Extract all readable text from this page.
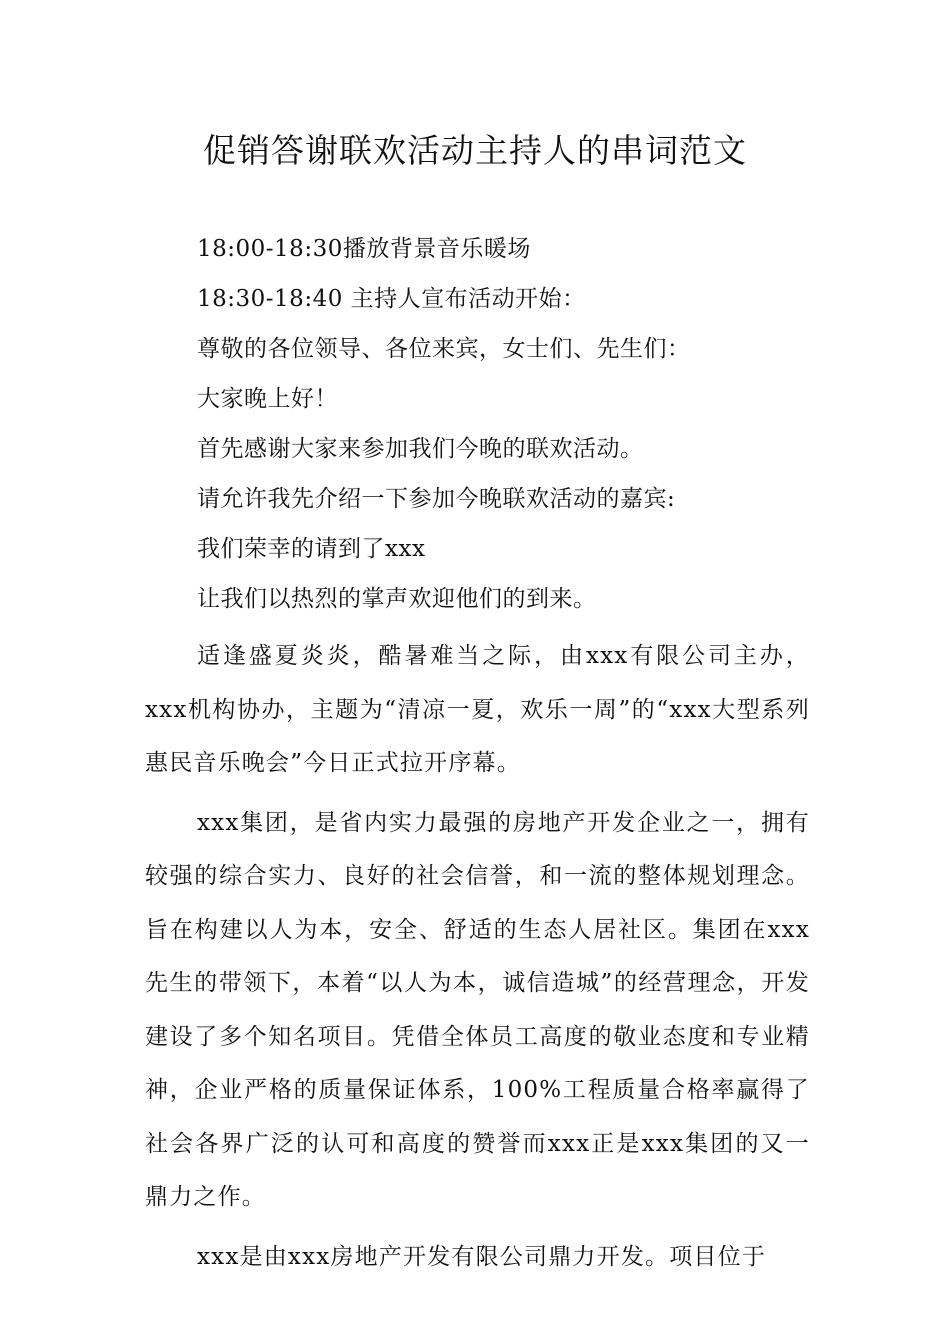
促销答谢联欢活动主持人的串词范文

18:00-18:30播放背景音乐暖场

18:30-18:40 主持人宣布活动开始：

尊敬的各位领导、各位来宾，女士们、先生们：

大家晚上好！

首先感谢大家来参加我们今晚的联欢活动。

请允许我先介绍一下参加今晚联欢活动的嘉宾:

我们荣幸的请到了xxx

让我们以热烈的掌声欢迎他们的到来。

适逢盛夏炎炎，酷暑难当之际，由xxx有限公司主办，xxx机构协办，主题为“清凉一夏，欢乐一周”的“xxx大型系列惠民音乐晚会”今日正式拉开序幕。

xxx集团，是省内实力最强的房地产开发企业之一，拥有较强的综合实力、良好的社会信誉，和一流的整体规划理念。旨在构建以人为本，安全、舒适的生态人居社区。集团在xxx先生的带领下，本着“以人为本，诚信造城”的经营理念，开发建设了多个知名项目。凭借全体员工高度的敬业态度和专业精神，企业严格的质量保证体系，100%工程质量合格率赢得了社会各界广泛的认可和高度的赞誉而xxx正是xxx集团的又一鼎力之作。

xxx是由xxx房地产开发有限公司鼎力开发。项目位于
